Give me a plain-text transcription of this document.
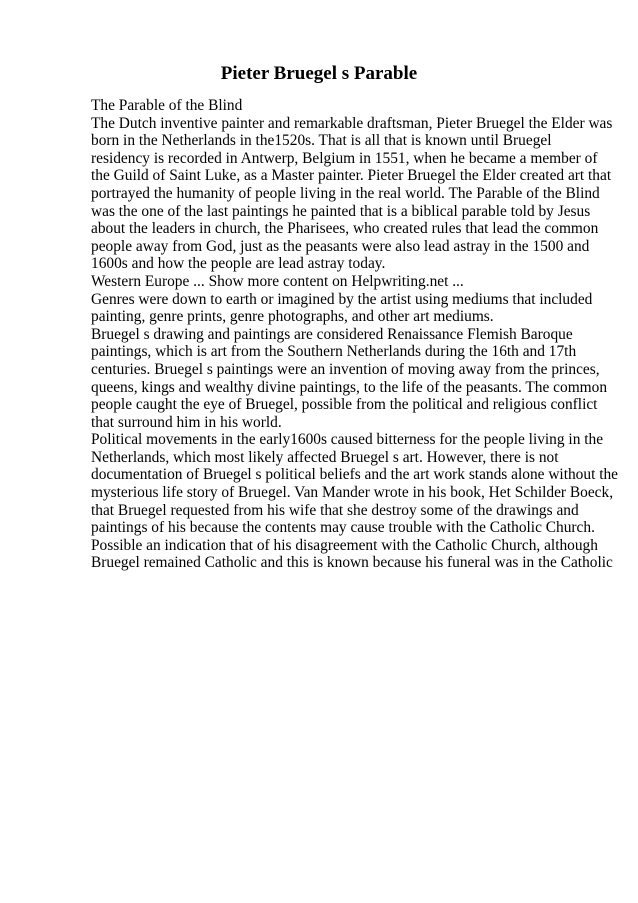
Pieter Bruegel s Parable
The Parable of the Blind
The Dutch inventive painter and remarkable draftsman, Pieter Bruegel the Elder was
born in the Netherlands in the1520s. That is all that is known until Bruegel
residency is recorded in Antwerp, Belgium in 1551, when he became a member of
the Guild of Saint Luke, as a Master painter. Pieter Bruegel the Elder created art that
portrayed the humanity of people living in the real world. The Parable of the Blind
was the one of the last paintings he painted that is a biblical parable told by Jesus
about the leaders in church, the Pharisees, who created rules that lead the common
people away from God, just as the peasants were also lead astray in the 1500 and
1600s and how the people are lead astray today.
Western Europe ... Show more content on Helpwriting.net ...
Genres were down to earth or imagined by the artist using mediums that included
painting, genre prints, genre photographs, and other art mediums.
Bruegel s drawing and paintings are considered Renaissance Flemish Baroque
paintings, which is art from the Southern Netherlands during the 16th and 17th
centuries. Bruegel s paintings were an invention of moving away from the princes,
queens, kings and wealthy divine paintings, to the life of the peasants. The common
people caught the eye of Bruegel, possible from the political and religious conflict
that surround him in his world.
Political movements in the early1600s caused bitterness for the people living in the
Netherlands, which most likely affected Bruegel s art. However, there is not
documentation of Bruegel s political beliefs and the art work stands alone without the
mysterious life story of Bruegel. Van Mander wrote in his book, Het Schilder Boeck,
that Bruegel requested from his wife that she destroy some of the drawings and
paintings of his because the contents may cause trouble with the Catholic Church.
Possible an indication that of his disagreement with the Catholic Church, although
Bruegel remained Catholic and this is known because his funeral was in the Catholic
